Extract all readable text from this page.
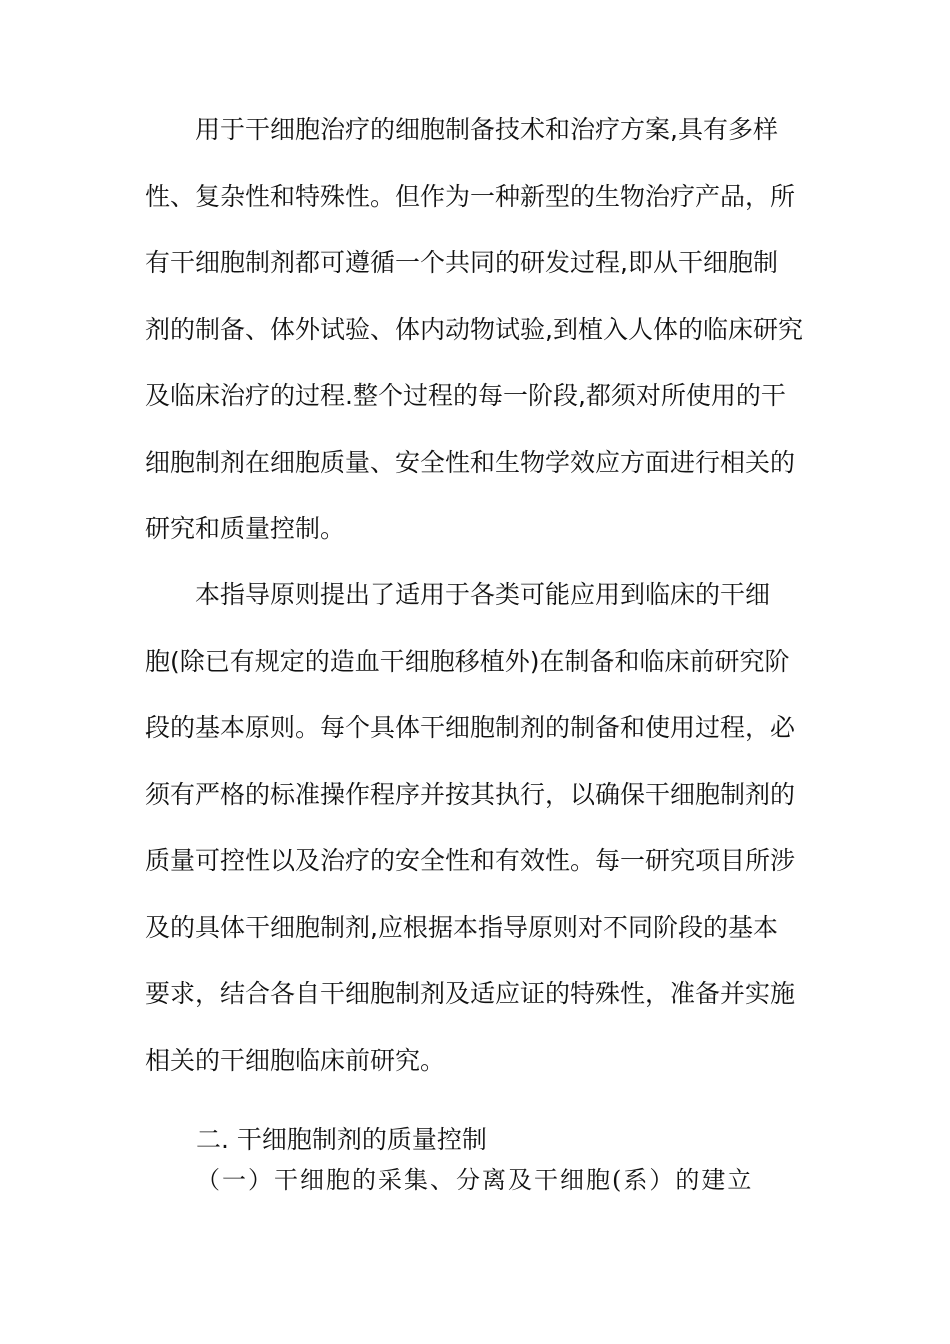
　　用于干细胞治疗的细胞制备技术和治疗方案,具有多样
性、复杂性和特殊性。但作为一种新型的生物治疗产品，所
有干细胞制剂都可遵循一个共同的研发过程,即从干细胞制
剂的制备、体外试验、体内动物试验,到植入人体的临床研究
及临床治疗的过程.整个过程的每一阶段,都须对所使用的干
细胞制剂在细胞质量、安全性和生物学效应方面进行相关的
研究和质量控制。

　　本指导原则提出了适用于各类可能应用到临床的干细
胞(除已有规定的造血干细胞移植外)在制备和临床前研究阶
段的基本原则。每个具体干细胞制剂的制备和使用过程，必
须有严格的标准操作程序并按其执行，以确保干细胞制剂的
质量可控性以及治疗的安全性和有效性。每一研究项目所涉
及的具体干细胞制剂,应根据本指导原则对不同阶段的基本
要求，结合各自干细胞制剂及适应证的特殊性，准备并实施
相关的干细胞临床前研究。

二. 干细胞制剂的质量控制

（一）干细胞的采集、分离及干细胞(系）的建立
